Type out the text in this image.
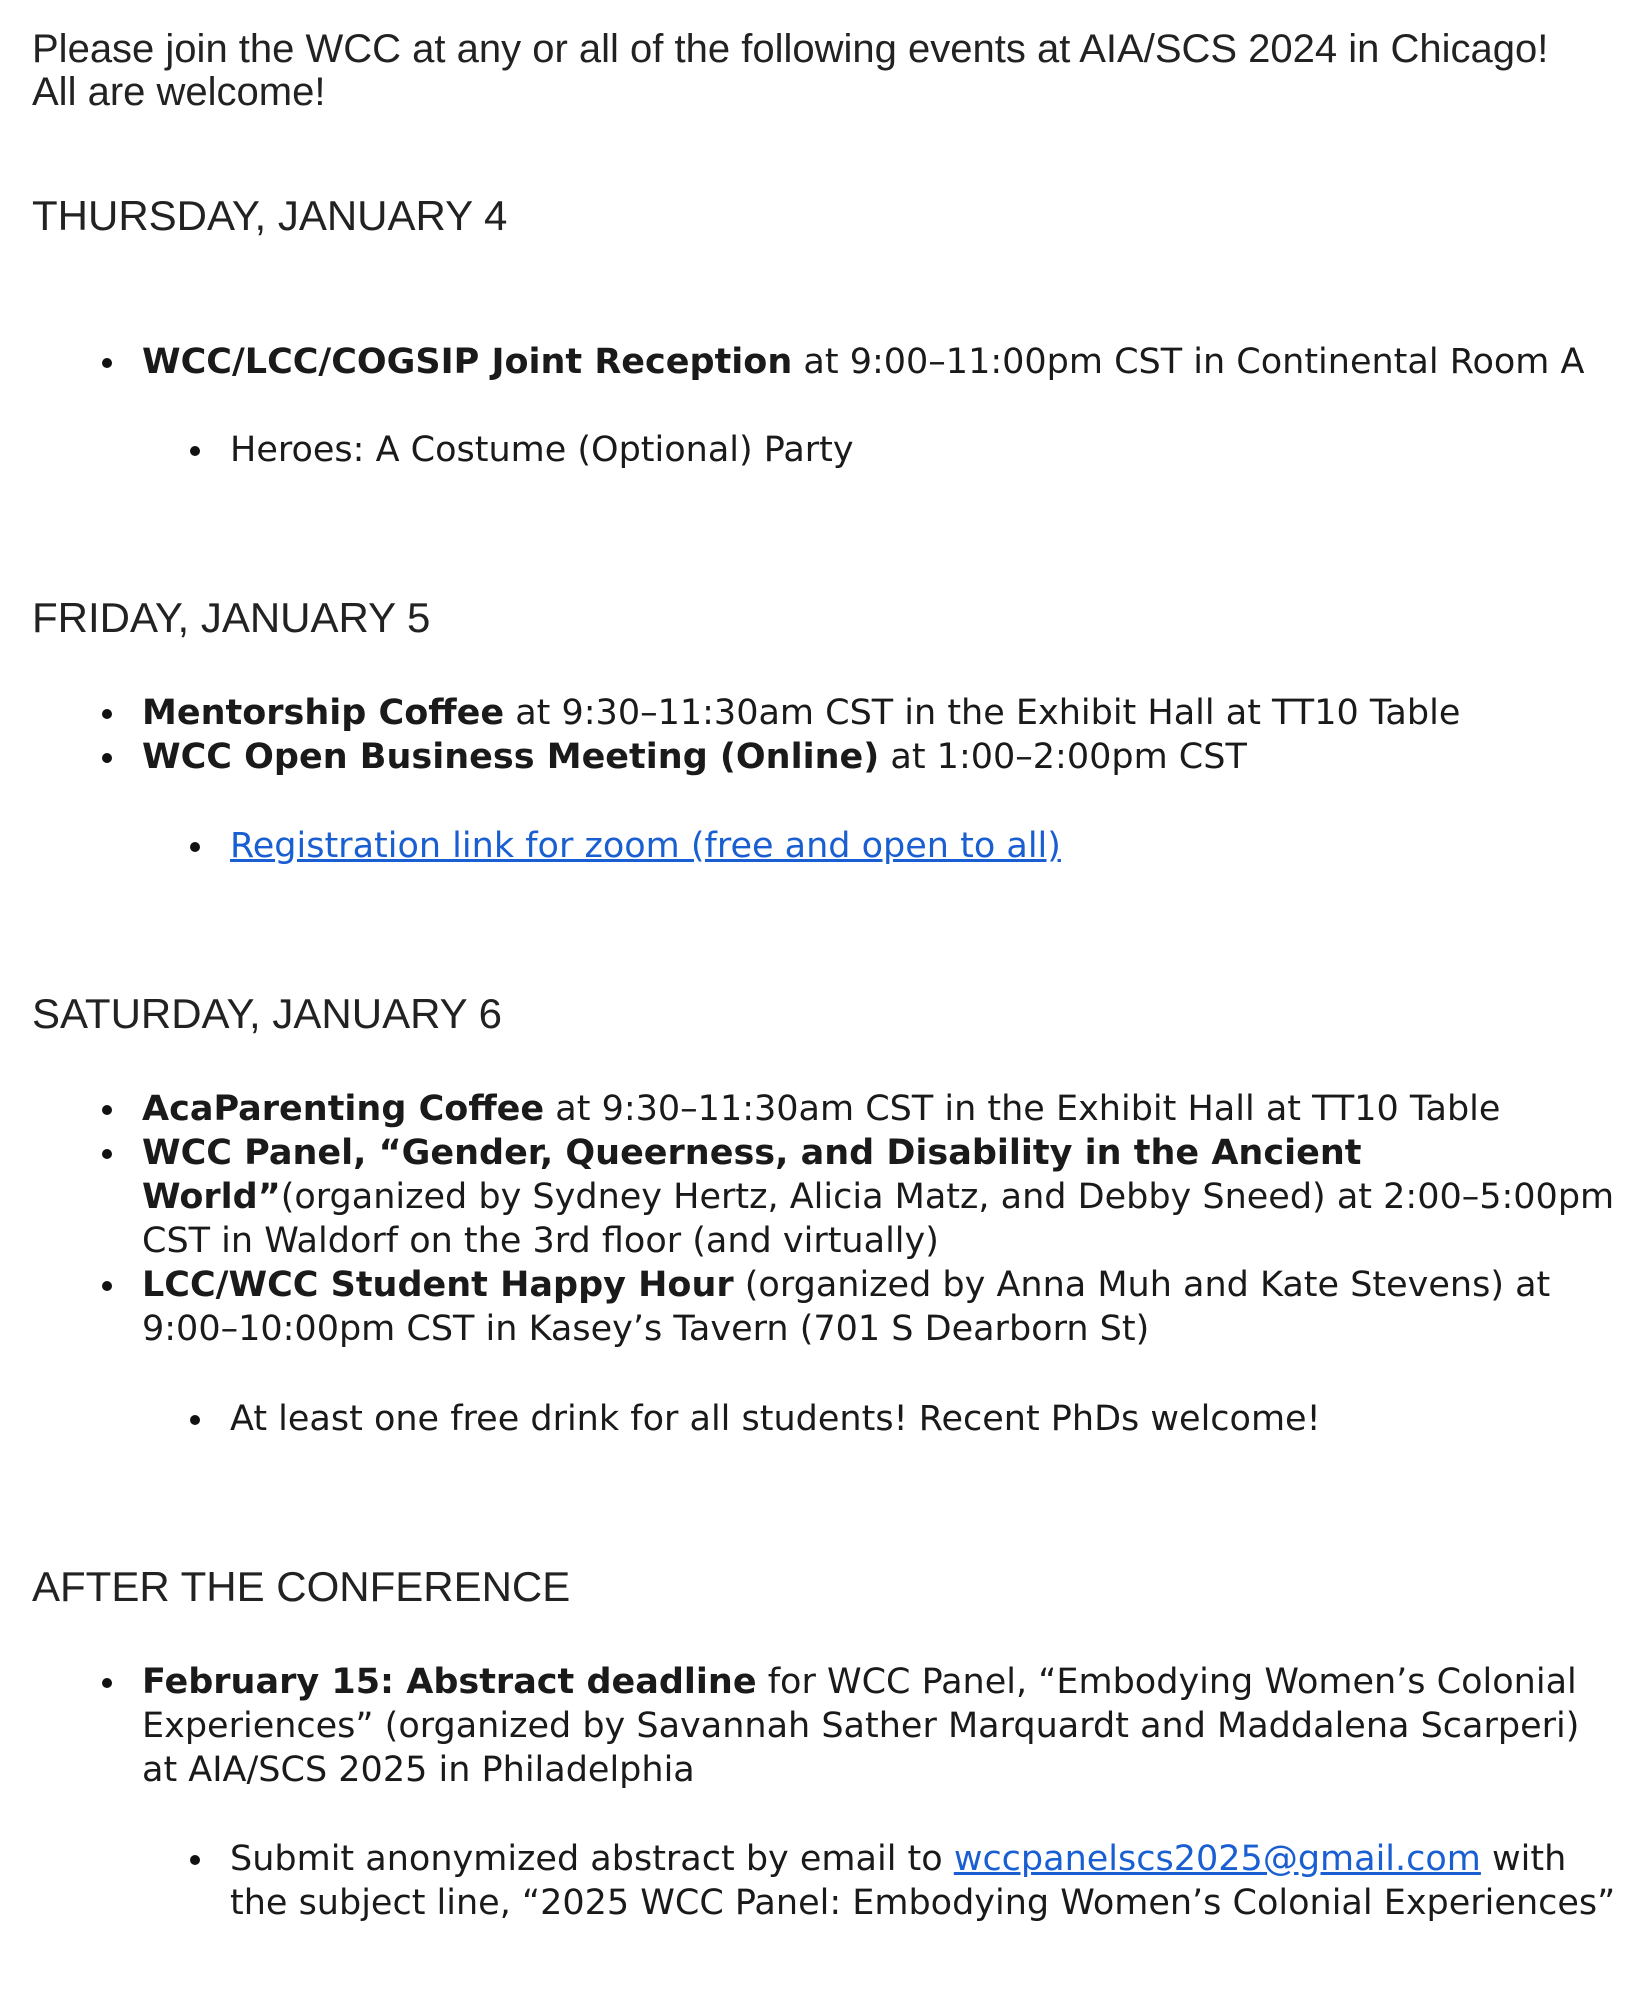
Please join the WCC at any or all of the following events at AIA/SCS 2024 in Chicago! All are welcome!

THURSDAY, JANUARY 4
WCC/LCC/COGSIP Joint Reception at 9:00–11:00pm CST in Continental Room A
Heroes: A Costume (Optional) Party
FRIDAY, JANUARY 5
Mentorship Coffee at 9:30–11:30am CST in the Exhibit Hall at TT10 Table
WCC Open Business Meeting (Online) at 1:00–2:00pm CST
Registration link for zoom (free and open to all)
SATURDAY, JANUARY 6
AcaParenting Coffee at 9:30–11:30am CST in the Exhibit Hall at TT10 Table
WCC Panel, “Gender, Queerness, and Disability in the Ancient World”(organized by Sydney Hertz, Alicia Matz, and Debby Sneed) at 2:00–5:00pm CST in Waldorf on the 3rd floor (and virtually)
LCC/WCC Student Happy Hour (organized by Anna Muh and Kate Stevens) at 9:00–10:00pm CST in Kasey’s Tavern (701 S Dearborn St)
At least one free drink for all students! Recent PhDs welcome!
AFTER THE CONFERENCE
February 15: Abstract deadline for WCC Panel, “Embodying Women’s Colonial Experiences” (organized by Savannah Sather Marquardt and Maddalena Scarperi) at AIA/SCS 2025 in Philadelphia
Submit anonymized abstract by email to wccpanelscs2025@gmail.com with the subject line, “2025 WCC Panel: Embodying Women’s Colonial Experiences”
